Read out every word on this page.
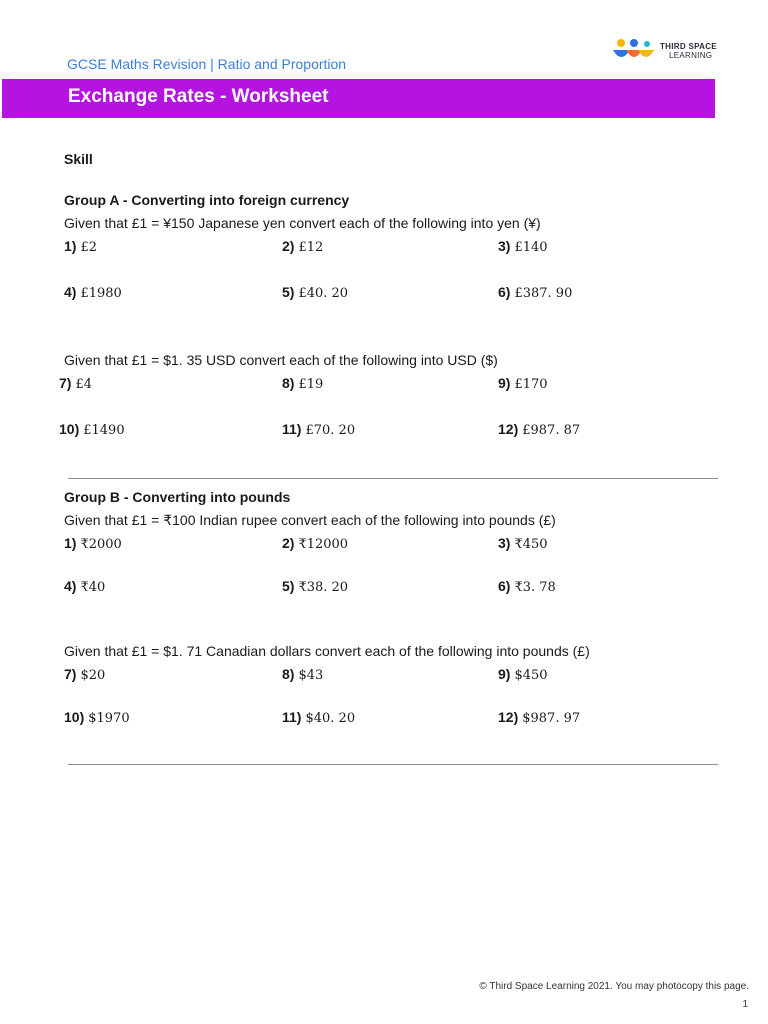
GCSE Maths Revision | Ratio and Proportion
THIRD SPACE
LEARNING
Exchange Rates - Worksheet
Skill
Group A - Converting into foreign currency
Given that £1 = ¥150 Japanese yen convert each of the following into yen (¥)
1) £2	2) £12	3) £140
4) £1980	5) £40. 20	6) £387. 90
Given that £1 = $1. 35 USD convert each of the following into USD ($)
7) £4	8) £19	9) £170
10) £1490	11) £70. 20	12) £987. 87
Group B - Converting into pounds
Given that £1 = ₹100 Indian rupee convert each of the following into pounds (£)
1) ₹2000	2) ₹12000	3) ₹450
4) ₹40	5) ₹38. 20	6) ₹3. 78
Given that £1 = $1. 71 Canadian dollars convert each of the following into pounds (£)
7) $20	8) $43	9) $450
10) $1970	11) $40. 20	12) $987. 97
© Third Space Learning 2021. You may photocopy this page.
1
